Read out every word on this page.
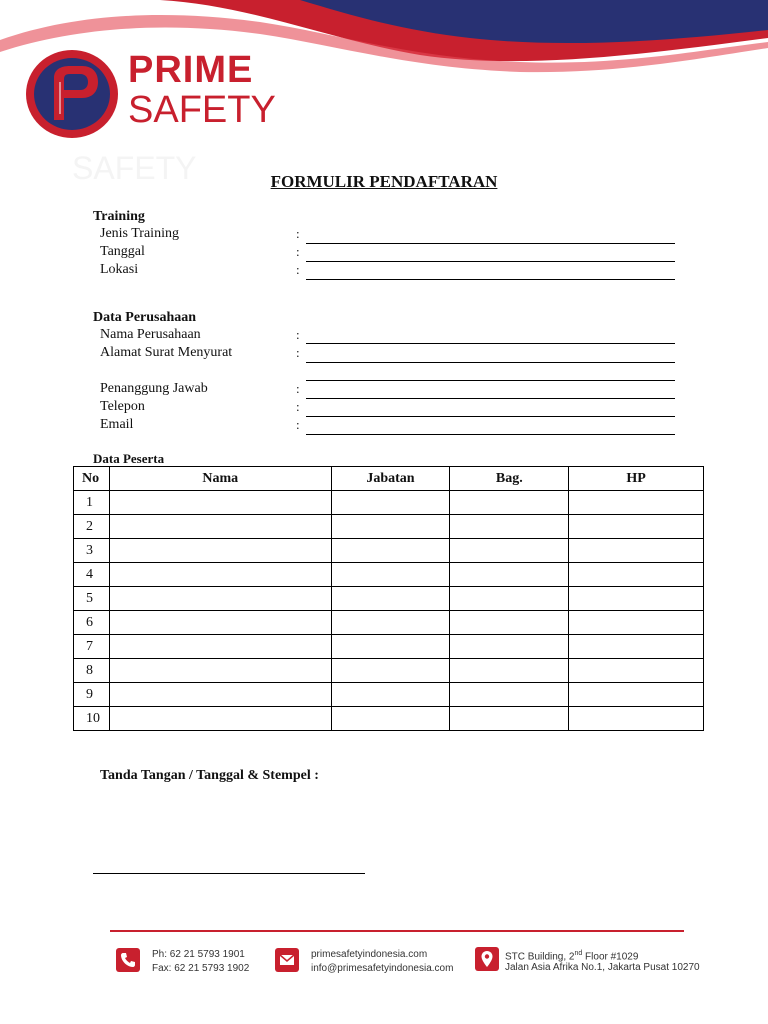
PRIME
SAFETY
SAFETY	FORMULIR PENDAFTARAN
Training
Jenis Training	:
Tanggal	:
Lokasi	:
Data Perusahaan
Nama Perusahaan	:
Alamat Surat Menyurat	:
Penanggung Jawab	:
Telepon	:
Email	:
Data Peserta
No	Nama	Jabatan	Bag.	HP
1				
2				
3				
4				
5				
6				
7				
8				
9				
10				
Tanda Tangan / Tanggal & Stempel :
Ph: 62 21 5793 1901
Fax: 62 21 5793 1902
primesafetyindonesia.com
info@primesafetyindonesia.com
STC Building, 2nd Floor #1029
Jalan Asia Afrika No.1, Jakarta Pusat 10270
